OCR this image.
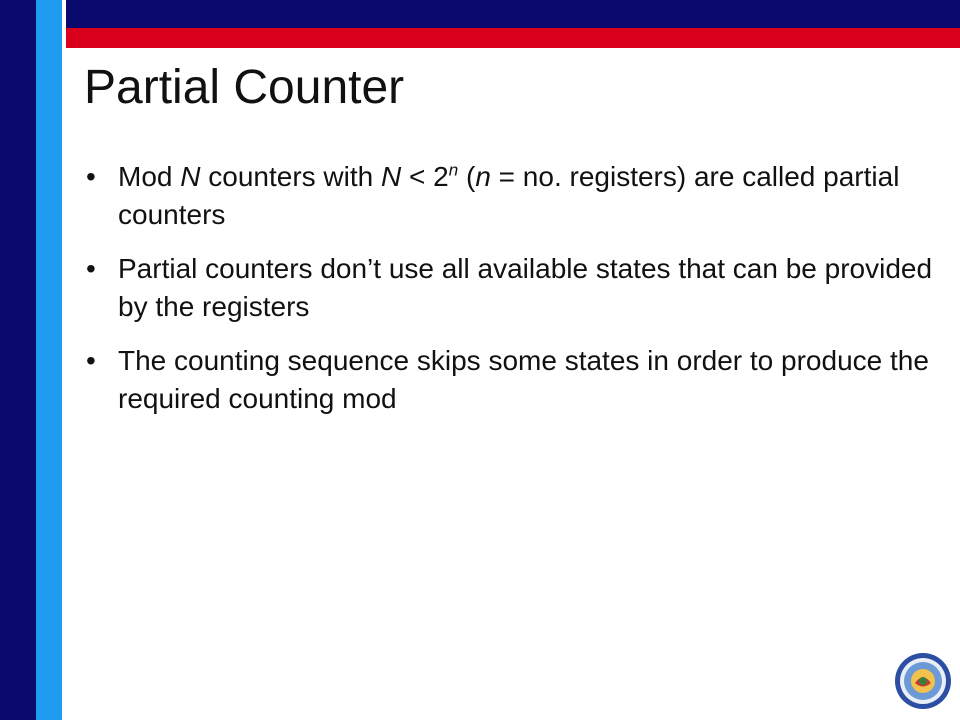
Partial Counter
• Mod N counters with $N < 2^n$ (n = no. registers) are called partial counters
• Partial counters don’t use all available states that can be provided by the registers
• The counting sequence skips some states in order to produce the required counting mod
